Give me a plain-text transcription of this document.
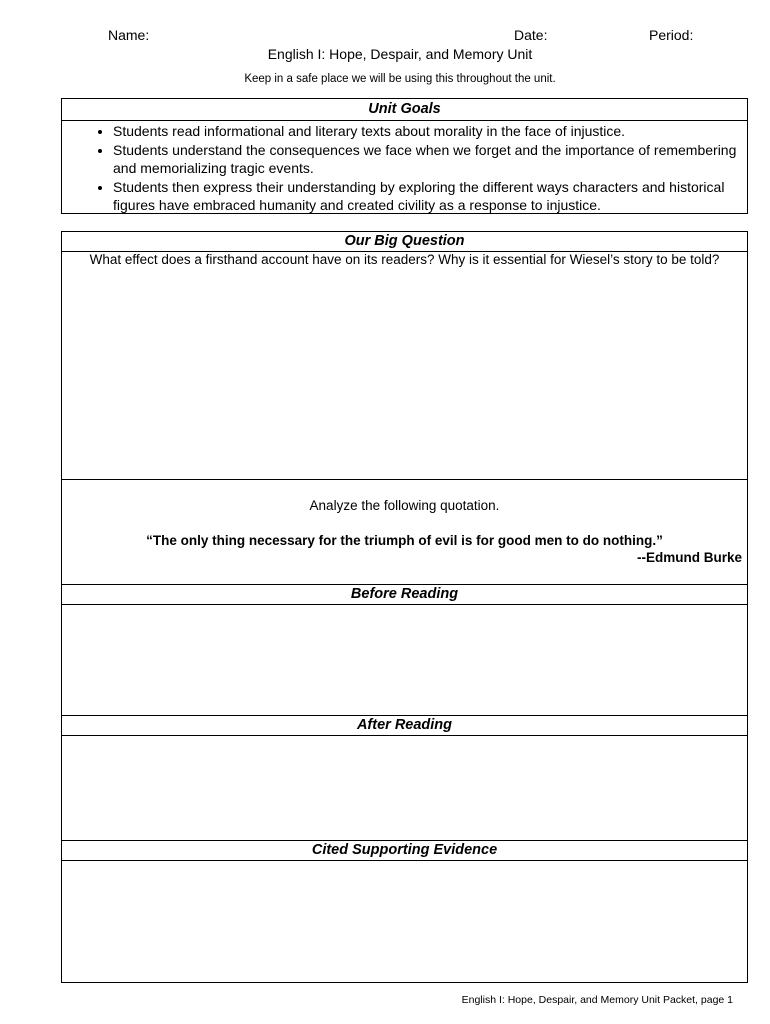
Name:	Date:	Period:
English I: Hope, Despair, and Memory Unit
Keep in a safe place we will be using this throughout the unit.
Unit Goals
• Students read informational and literary texts about morality in the face of injustice.
• Students understand the consequences we face when we forget and the importance of remembering and memorializing tragic events.
• Students then express their understanding by exploring the different ways characters and historical figures have embraced humanity and created civility as a response to injustice.
Our Big Question
What effect does a firsthand account have on its readers? Why is it essential for Wiesel’s story to be told?
Analyze the following quotation.
“The only thing necessary for the triumph of evil is for good men to do nothing.”
--Edmund Burke
Before Reading
After Reading
Cited Supporting Evidence
English I: Hope, Despair, and Memory Unit Packet, page 1
